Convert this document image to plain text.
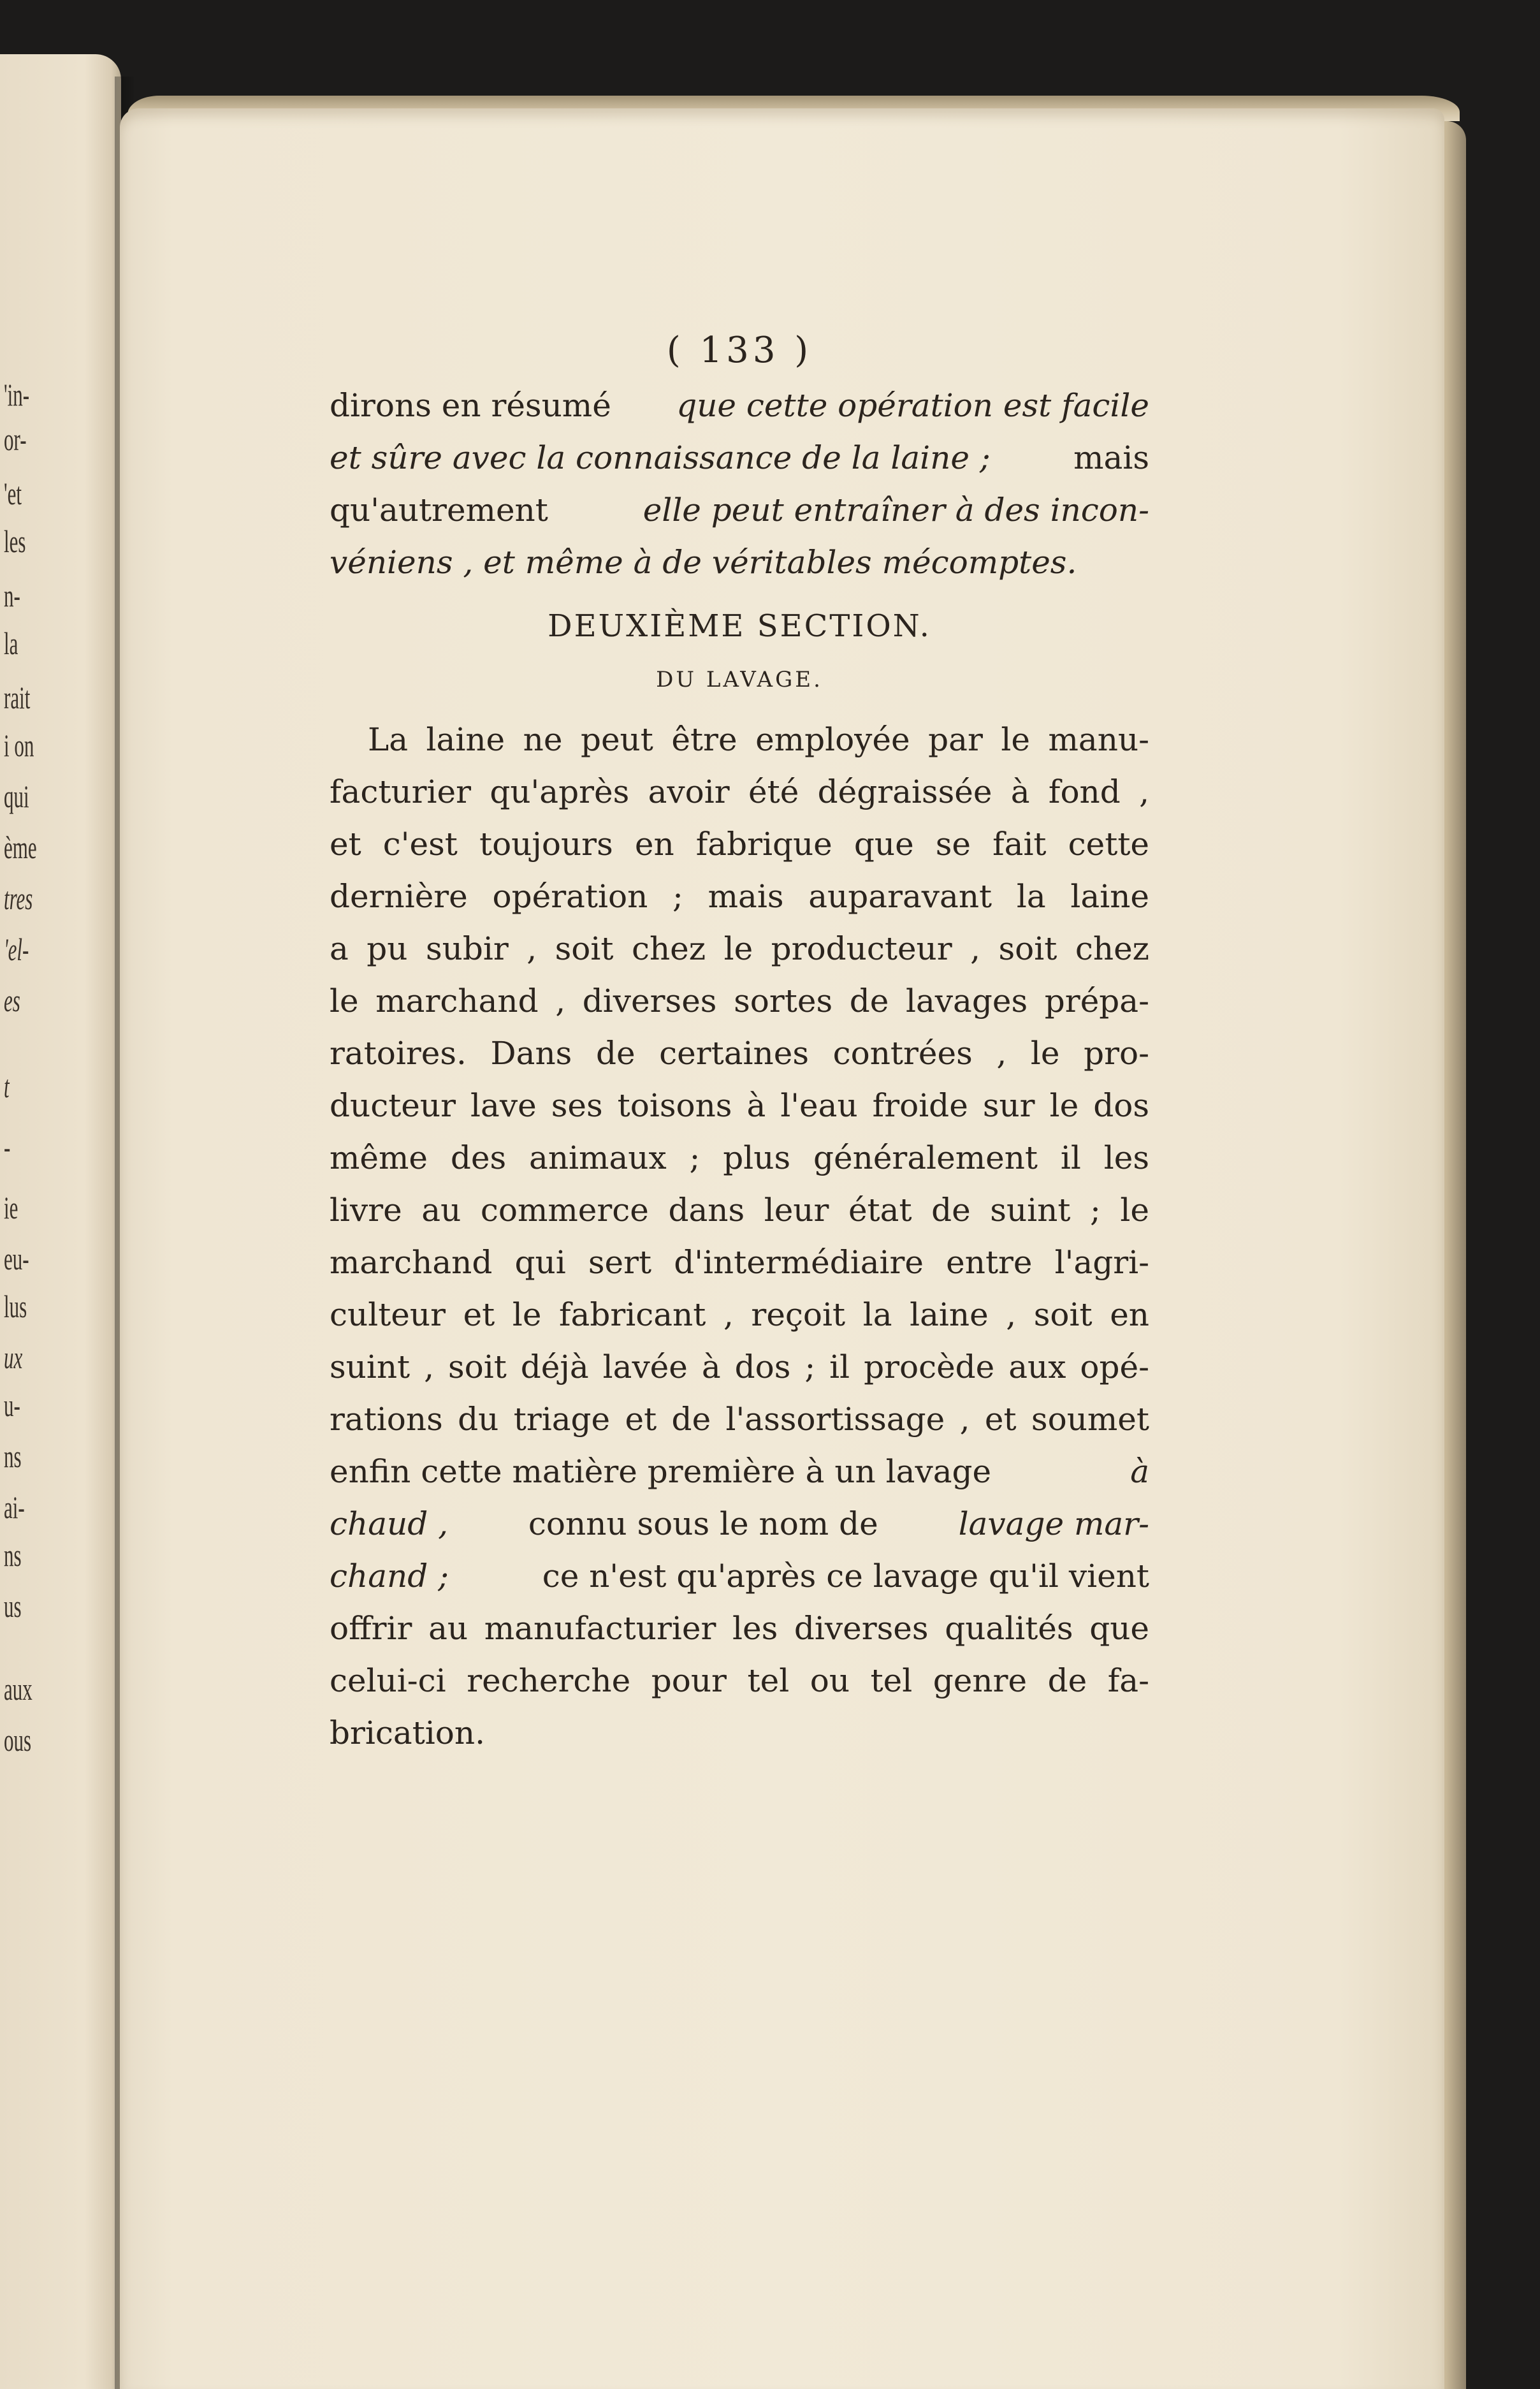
'in-
or-
'et
les
n-
la
rait
i on
qui
ème
tres
'el-
es
t
-
ie
eu-
lus
ux
u-
ns
ai-
ns
us
aux
ous
( 133 )
dirons en résumé que cette opération est facile
et sûre avec la connaissance de la laine ;	mais
qu'autrement	elle peut entraîner à des incon-
véniens , et même à de véritables mécomptes.
DEUXIÈME SECTION.
DU LAVAGE.
La laine ne peut être employée par le manu-
facturier qu'après avoir été dégraissée à fond ,
et c'est toujours en fabrique que se fait cette
dernière opération ; mais auparavant la laine
a pu subir , soit chez le producteur , soit chez
le marchand , diverses sortes de lavages prépa-
ratoires. Dans de certaines contrées , le pro-
ducteur lave ses toisons à l'eau froide sur le dos
même des animaux ; plus généralement il les
livre au commerce dans leur état de suint ; le
marchand qui sert d'intermédiaire entre l'agri-
culteur et le fabricant , reçoit la laine , soit en
suint , soit déjà lavée à dos ; il procède aux opé-
rations du triage et de l'assortissage , et soumet
enfin cette matière première à un lavage	à
chaud ,	connu sous le nom de	lavage mar-
chand ;	ce n'est qu'après ce lavage qu'il vient
offrir au manufacturier les diverses qualités que
celui-ci recherche pour tel ou tel genre de fa-
brication.
